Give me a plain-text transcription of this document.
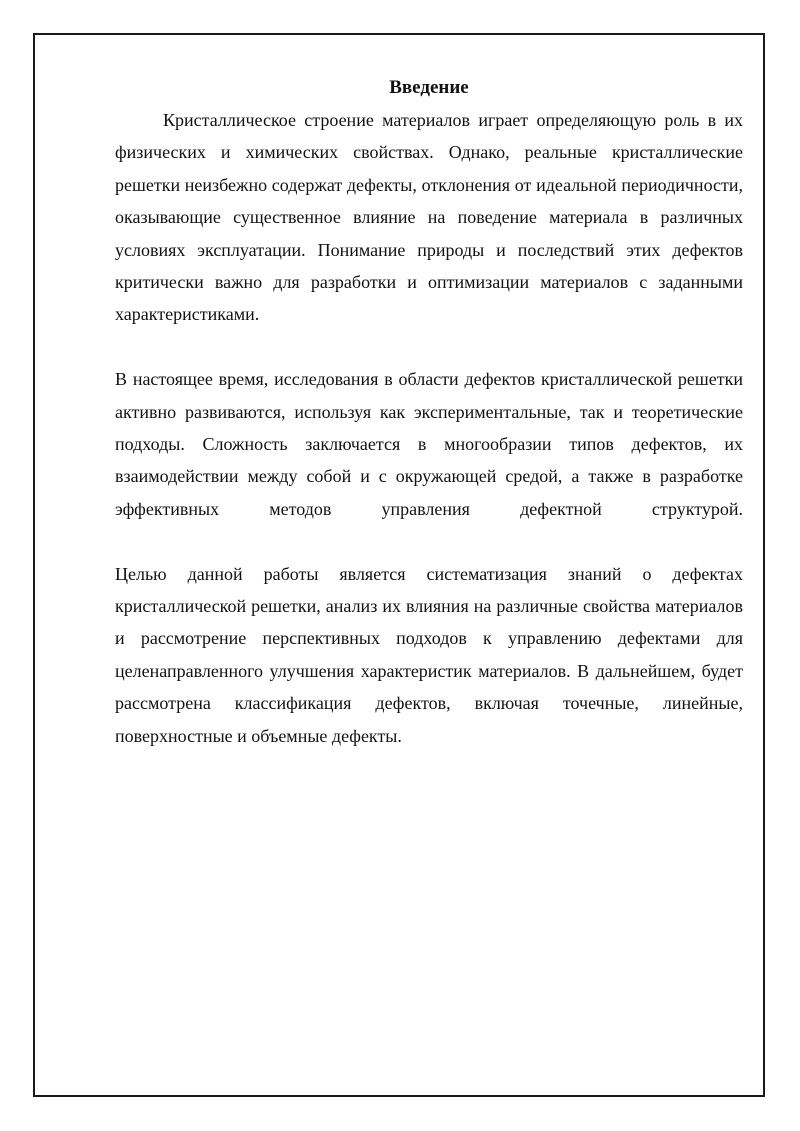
Введение

Кристаллическое строение материалов играет определяющую роль в их физических и химических свойствах. Однако, реальные кристаллические решетки неизбежно содержат дефекты, отклонения от идеальной периодичности, оказывающие существенное влияние на поведение материала в различных условиях эксплуатации. Понимание природы и последствий этих дефектов критически важно для разработки и оптимизации материалов с заданными характеристиками.

В настоящее время, исследования в области дефектов кристаллической решетки активно развиваются, используя как экспериментальные, так и теоретические подходы. Сложность заключается в многообразии типов дефектов, их взаимодействии между собой и с окружающей средой, а также в разработке эффективных методов управления дефектной структурой.

Целью данной работы является систематизация знаний о дефектах кристаллической решетки, анализ их влияния на различные свойства материалов и рассмотрение перспективных подходов к управлению дефектами для целенаправленного улучшения характеристик материалов. В дальнейшем, будет рассмотрена классификация дефектов, включая точечные, линейные, поверхностные и объемные дефекты.
